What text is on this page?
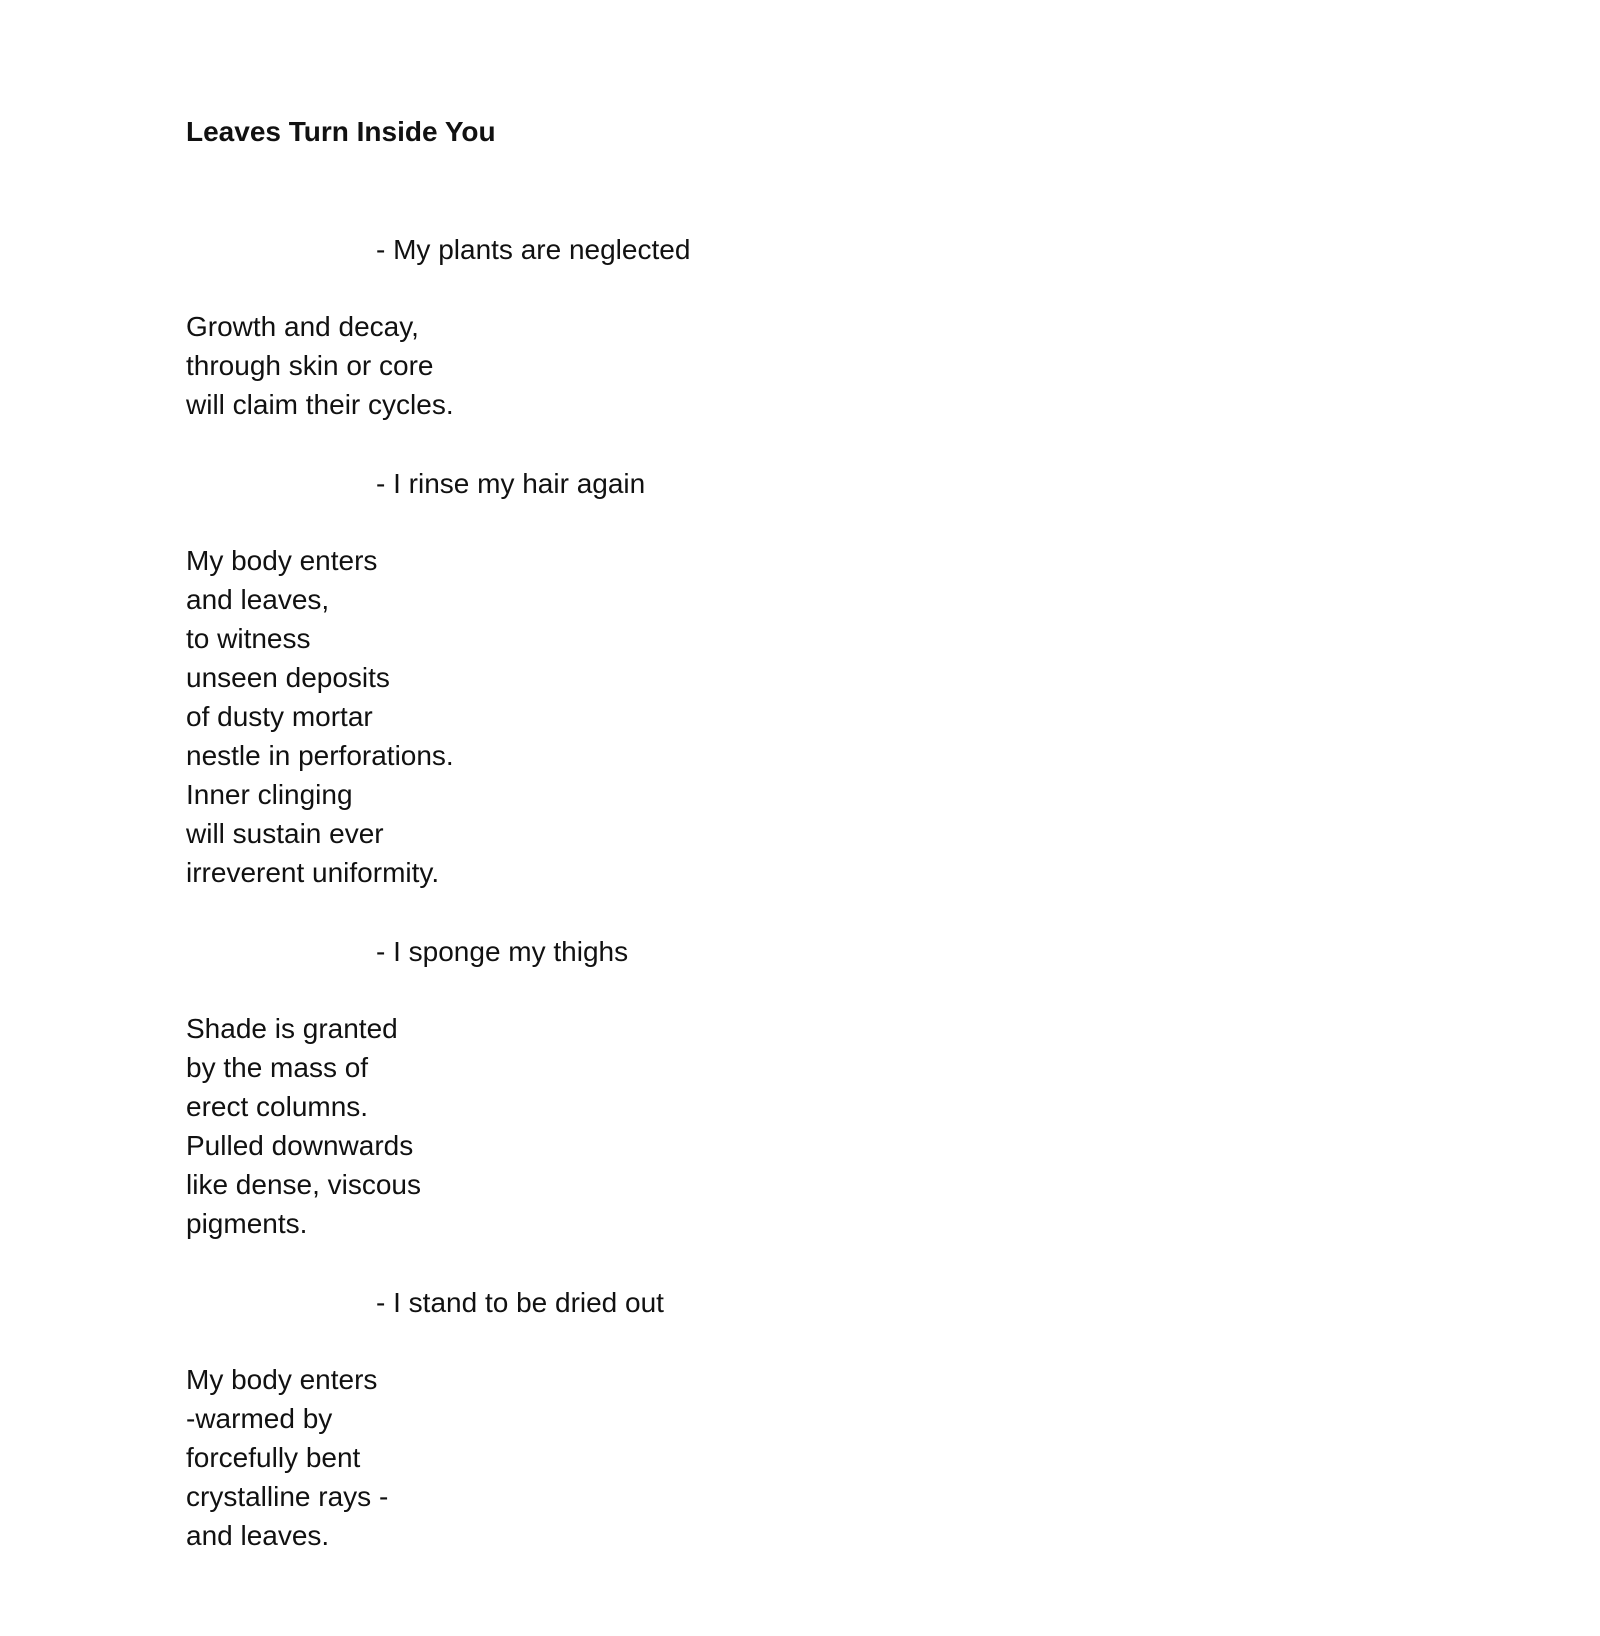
Leaves Turn Inside You
- My plants are neglected
Growth and decay,
through skin or core
will claim their cycles.
- I rinse my hair again
My body enters
and leaves,
to witness
unseen deposits
of dusty mortar
nestle in perforations.
Inner clinging
will sustain ever
irreverent uniformity.
- I sponge my thighs
Shade is granted
by the mass of
erect columns.
Pulled downwards
like dense, viscous
pigments.
- I stand to be dried out
My body enters
-warmed by
forcefully bent
crystalline rays -
and leaves.
